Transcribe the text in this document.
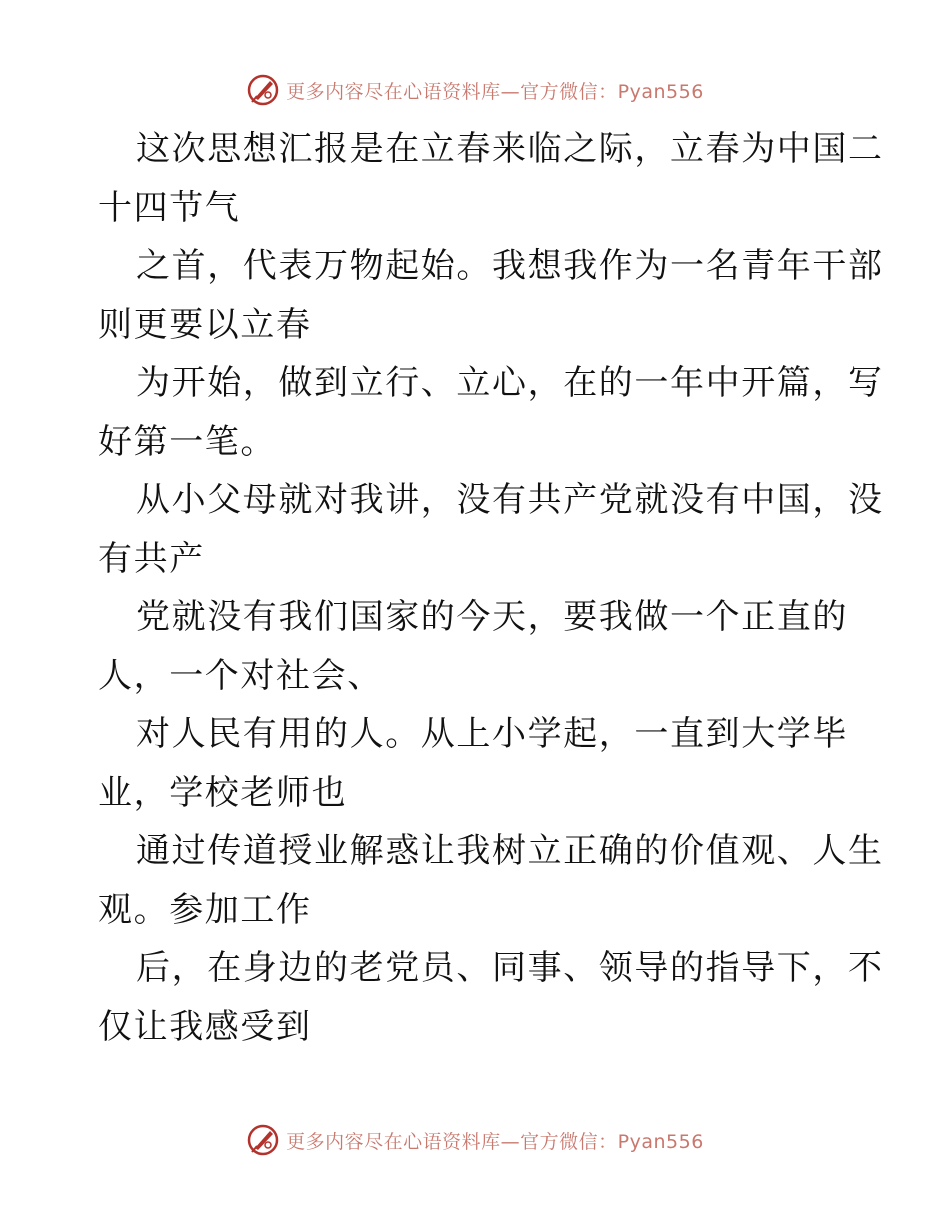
更多内容尽在心语资料库—官方微信：Pyan556
这次思想汇报是在立春来临之际，立春为中国二
十四节气
之首，代表万物起始。我想我作为一名青年干部
则更要以立春
为开始，做到立行、立心，在的一年中开篇，写
好第一笔。
从小父母就对我讲，没有共产党就没有中国，没
有共产
党就没有我们国家的今天，要我做一个正直的
人，一个对社会、
对人民有用的人。从上小学起，一直到大学毕
业，学校老师也
通过传道授业解惑让我树立正确的价值观、人生
观。参加工作
后，在身边的老党员、同事、领导的指导下，不
仅让我感受到
更多内容尽在心语资料库—官方微信：Pyan556
